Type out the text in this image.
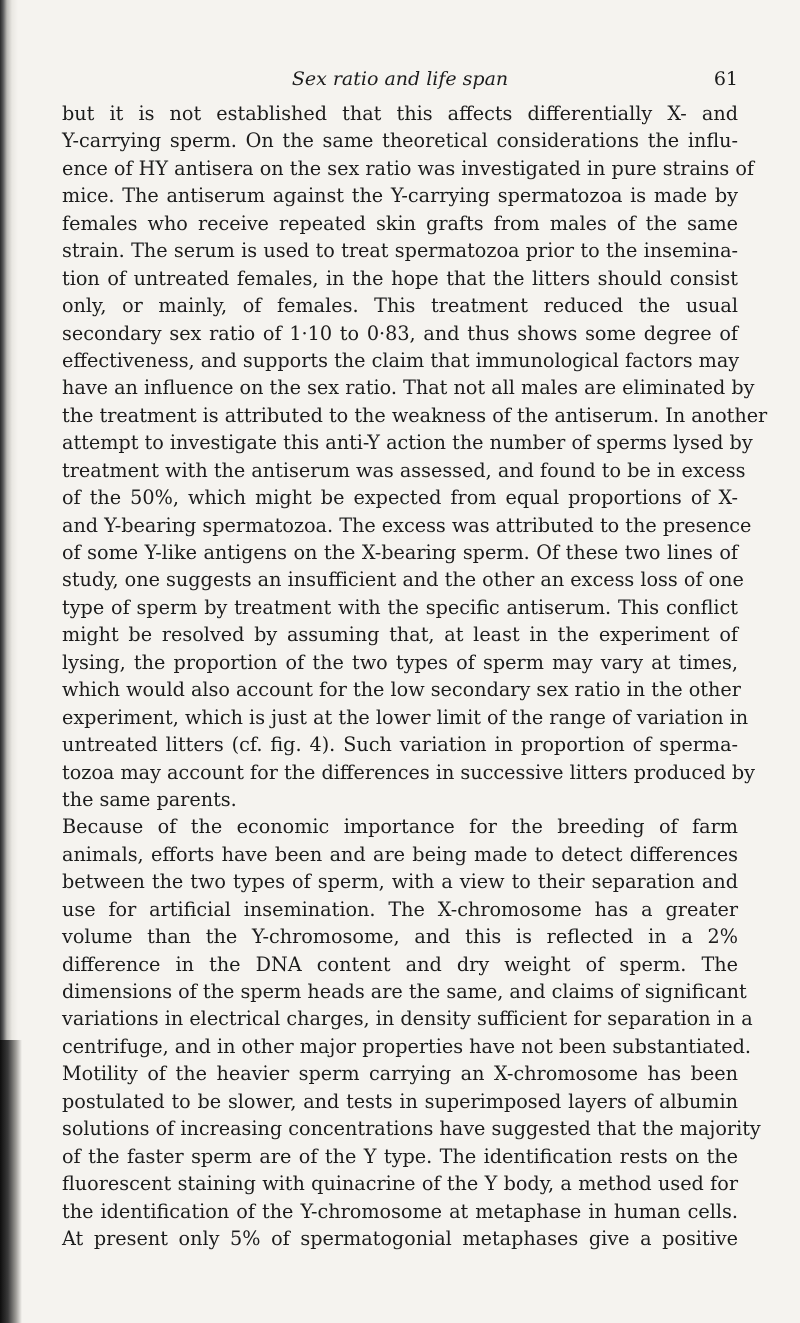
Sex ratio and life span	61
but it is not established that this affects differentially X- and
Y-carrying sperm. On the same theoretical considerations the influ-
ence of HY antisera on the sex ratio was investigated in pure strains of
mice. The antiserum against the Y-carrying spermatozoa is made by
females who receive repeated skin grafts from males of the same
strain. The serum is used to treat spermatozoa prior to the insemina-
tion of untreated females, in the hope that the litters should consist
only, or mainly, of females. This treatment reduced the usual
secondary sex ratio of 1·10 to 0·83, and thus shows some degree of
effectiveness, and supports the claim that immunological factors may
have an influence on the sex ratio. That not all males are eliminated by
the treatment is attributed to the weakness of the antiserum. In another
attempt to investigate this anti-Y action the number of sperms lysed by
treatment with the antiserum was assessed, and found to be in excess
of the 50%, which might be expected from equal proportions of X-
and Y-bearing spermatozoa. The excess was attributed to the presence
of some Y-like antigens on the X-bearing sperm. Of these two lines of
study, one suggests an insufficient and the other an excess loss of one
type of sperm by treatment with the specific antiserum. This conflict
might be resolved by assuming that, at least in the experiment of
lysing, the proportion of the two types of sperm may vary at times,
which would also account for the low secondary sex ratio in the other
experiment, which is just at the lower limit of the range of variation in
untreated litters (cf. fig. 4). Such variation in proportion of sperma-
tozoa may account for the differences in successive litters produced by
the same parents.
Because of the economic importance for the breeding of farm
animals, efforts have been and are being made to detect differences
between the two types of sperm, with a view to their separation and
use for artificial insemination. The X-chromosome has a greater
volume than the Y-chromosome, and this is reflected in a 2%
difference in the DNA content and dry weight of sperm. The
dimensions of the sperm heads are the same, and claims of significant
variations in electrical charges, in density sufficient for separation in a
centrifuge, and in other major properties have not been substantiated.
Motility of the heavier sperm carrying an X-chromosome has been
postulated to be slower, and tests in superimposed layers of albumin
solutions of increasing concentrations have suggested that the majority
of the faster sperm are of the Y type. The identification rests on the
fluorescent staining with quinacrine of the Y body, a method used for
the identification of the Y-chromosome at metaphase in human cells.
At present only 5% of spermatogonial metaphases give a positive
